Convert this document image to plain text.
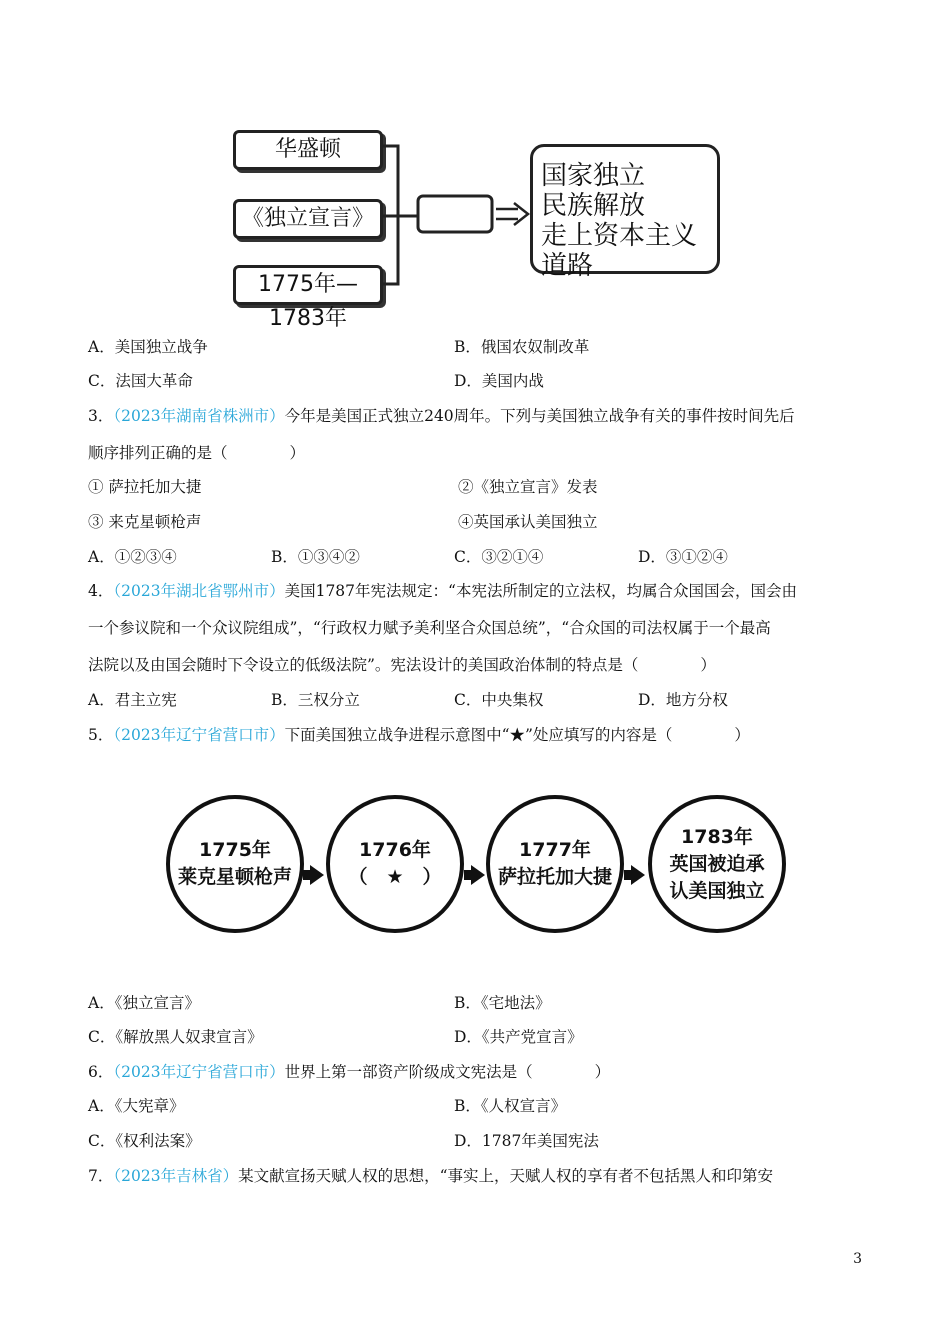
华盛顿
《独立宣言》
1775年—1783年
国家独立
民族解放
走上资本主义道路
A．美国独立战争	B．俄国农奴制改革
C．法国大革命	D．美国内战
3．（2023年湖南省株洲市）今年是美国正式独立240周年。下列与美国独立战争有关的事件按时间先后
顺序排列正确的是（　　　　）
① 萨拉托加大捷	②《独立宣言》发表
③ 来克星顿枪声	④英国承认美国独立
A．①②③④	B．①③④②	C．③②①④	D．③①②④
4．（2023年湖北省鄂州市）美国1787年宪法规定：“本宪法所制定的立法权，均属合众国国会，国会由
一个参议院和一个众议院组成”，“行政权力赋予美利坚合众国总统”，“合众国的司法权属于一个最高
法院以及由国会随时下令设立的低级法院”。宪法设计的美国政治体制的特点是（　　　　）
A．君主立宪	B．三权分立	C．中央集权	D．地方分权
5．（2023年辽宁省营口市）下面美国独立战争进程示意图中“★”处应填写的内容是（　　　　）
1775年
莱克星顿枪声
1776年
（　★　）
1777年
萨拉托加大捷
1783年
英国被迫承认美国独立
A．《独立宣言》	B．《宅地法》
C．《解放黑人奴隶宣言》	D．《共产党宣言》
6．（2023年辽宁省营口市）世界上第一部资产阶级成文宪法是（　　　　）
A．《大宪章》	B．《人权宣言》
C．《权利法案》	D．1787年美国宪法
7．（2023年吉林省）某文献宣扬天赋人权的思想，“事实上，天赋人权的享有者不包括黑人和印第安
3
